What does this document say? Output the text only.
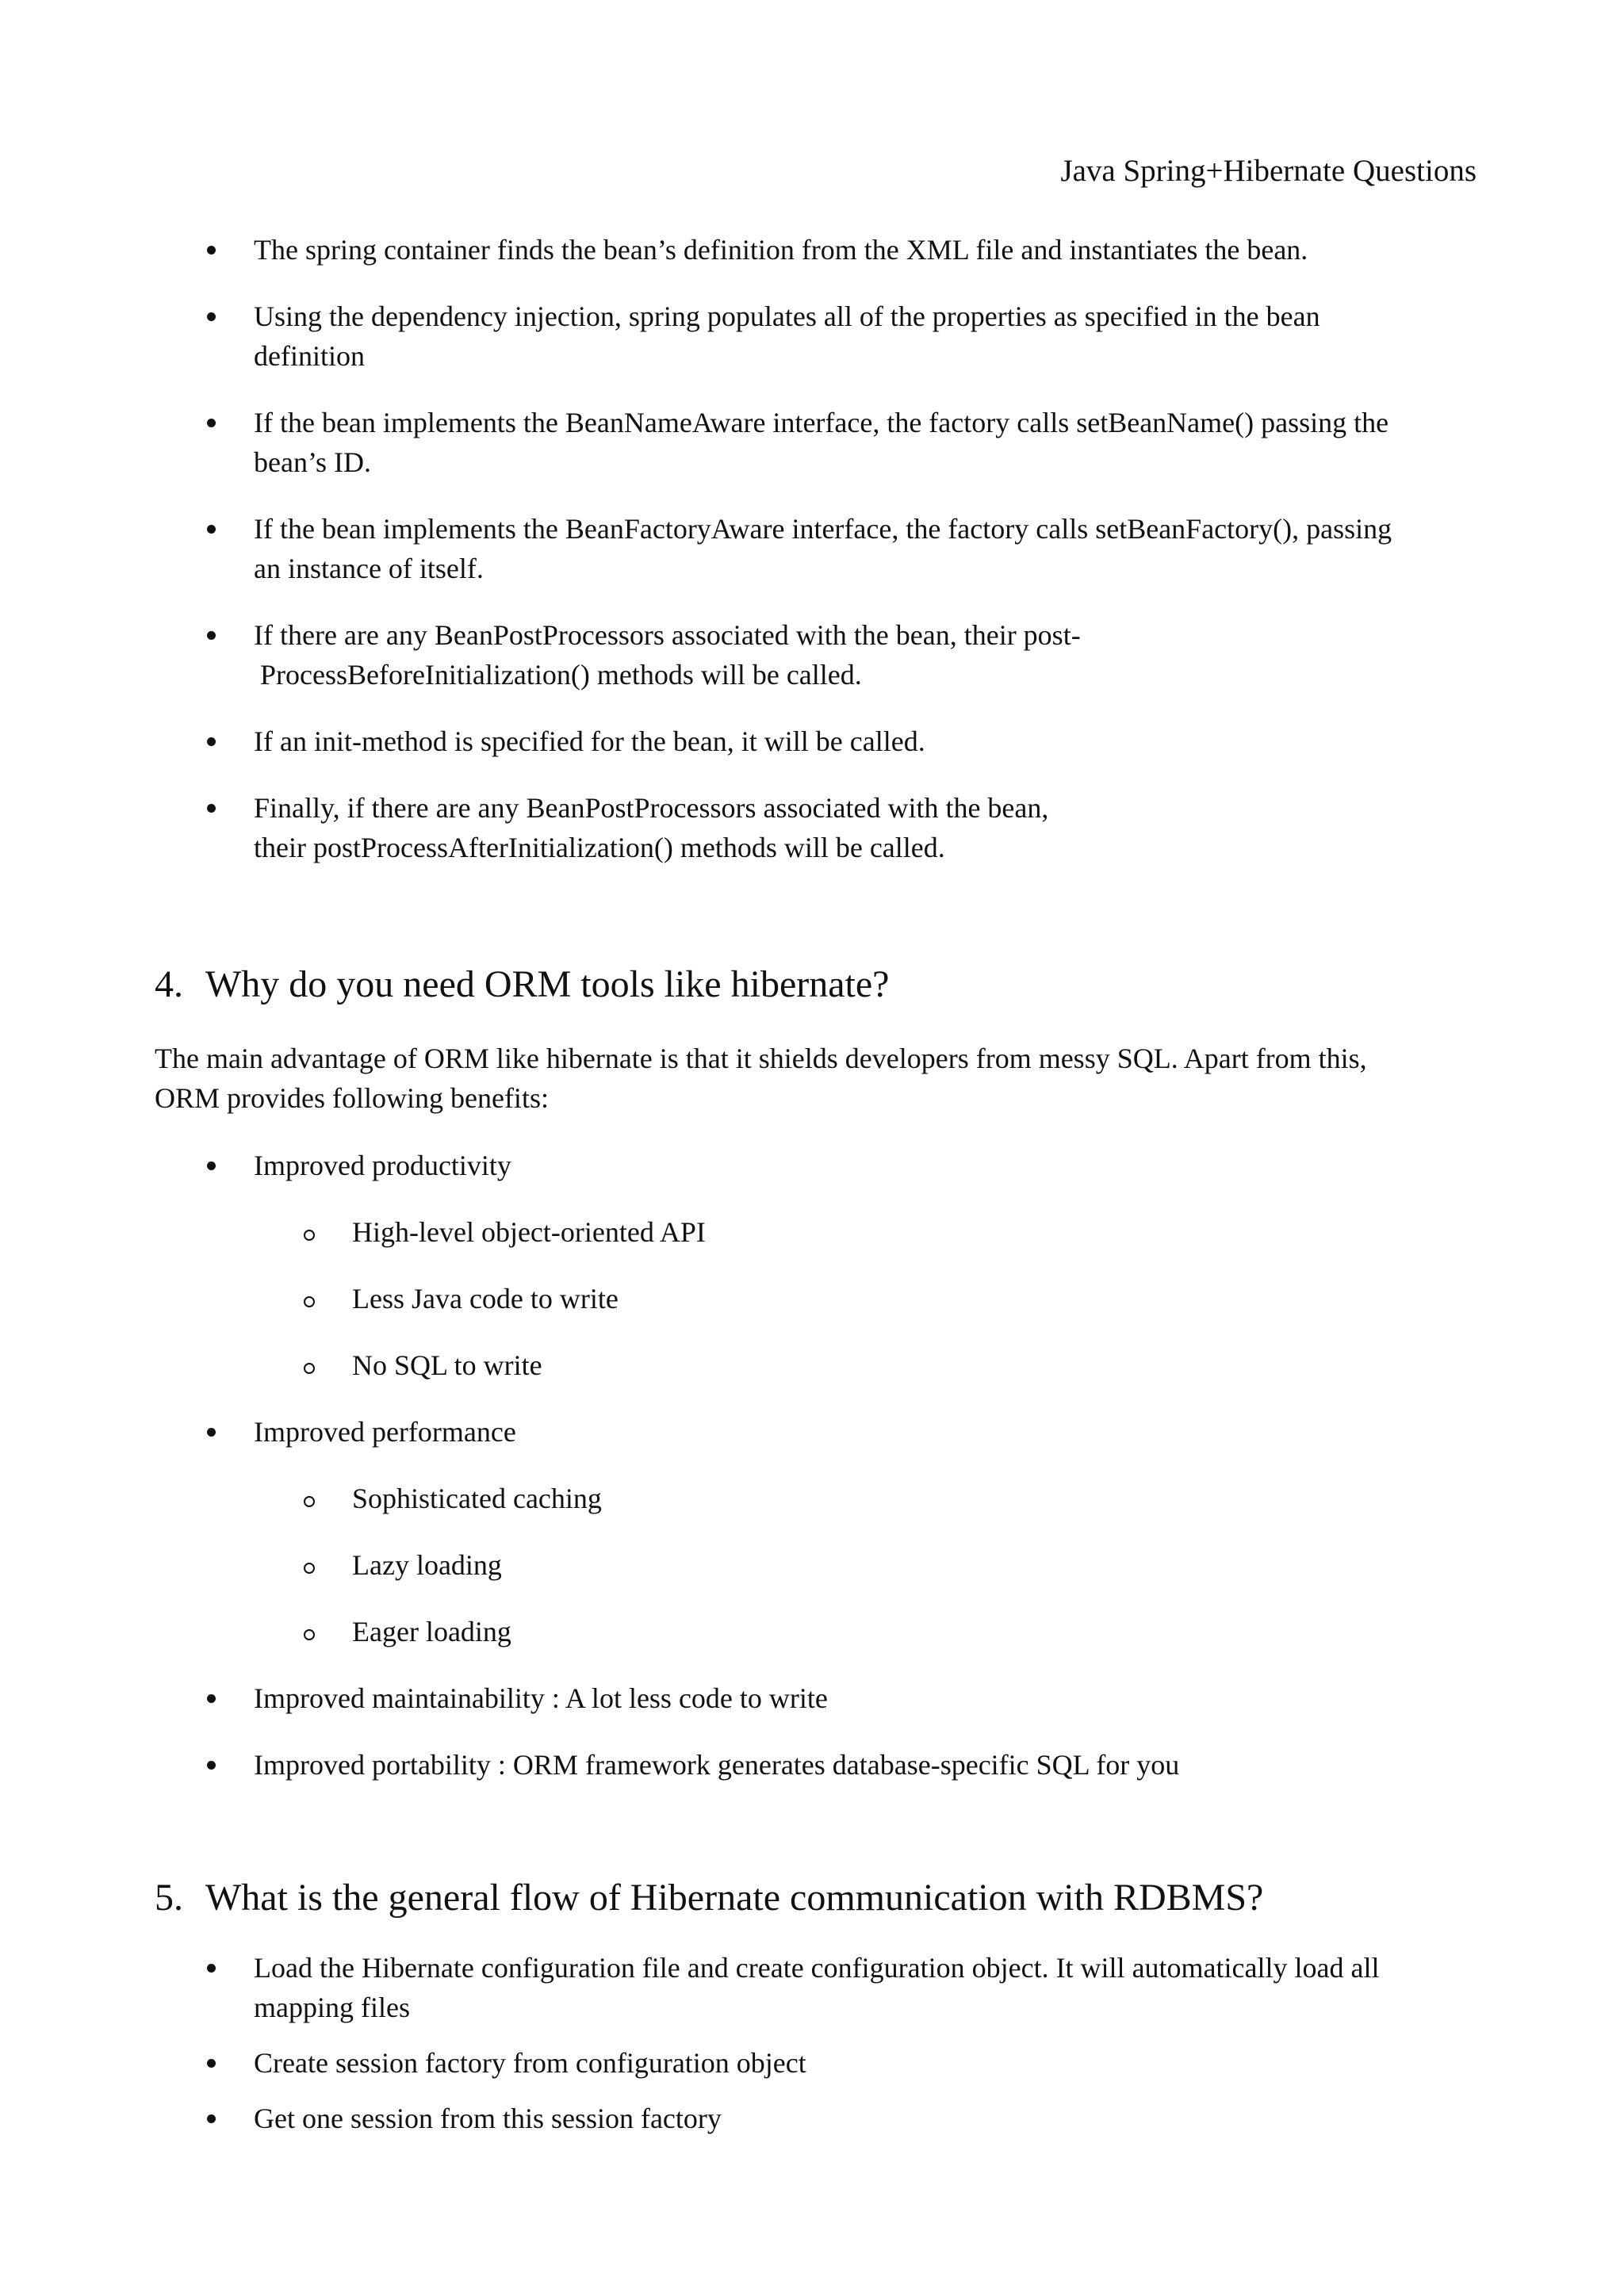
Java Spring+Hibernate Questions
The spring container finds the bean’s definition from the XML file and instantiates the bean.
Using the dependency injection, spring populates all of the properties as specified in the bean
definition
If the bean implements the BeanNameAware interface, the factory calls setBeanName() passing the
bean’s ID.
If the bean implements the BeanFactoryAware interface, the factory calls setBeanFactory(), passing
an instance of itself.
If there are any BeanPostProcessors associated with the bean, their post-
ProcessBeforeInitialization() methods will be called.
If an init-method is specified for the bean, it will be called.
Finally, if there are any BeanPostProcessors associated with the bean,
their postProcessAfterInitialization() methods will be called.
4. Why do you need ORM tools like hibernate?

The main advantage of ORM like hibernate is that it shields developers from messy SQL. Apart from this,
ORM provides following benefits:

Improved productivity
High-level object-oriented API
Less Java code to write
No SQL to write
Improved performance
Sophisticated caching
Lazy loading
Eager loading
Improved maintainability : A lot less code to write
Improved portability : ORM framework generates database-specific SQL for you
5. What is the general flow of Hibernate communication with RDBMS?
Load the Hibernate configuration file and create configuration object. It will automatically load all
mapping files
Create session factory from configuration object
Get one session from this session factory
